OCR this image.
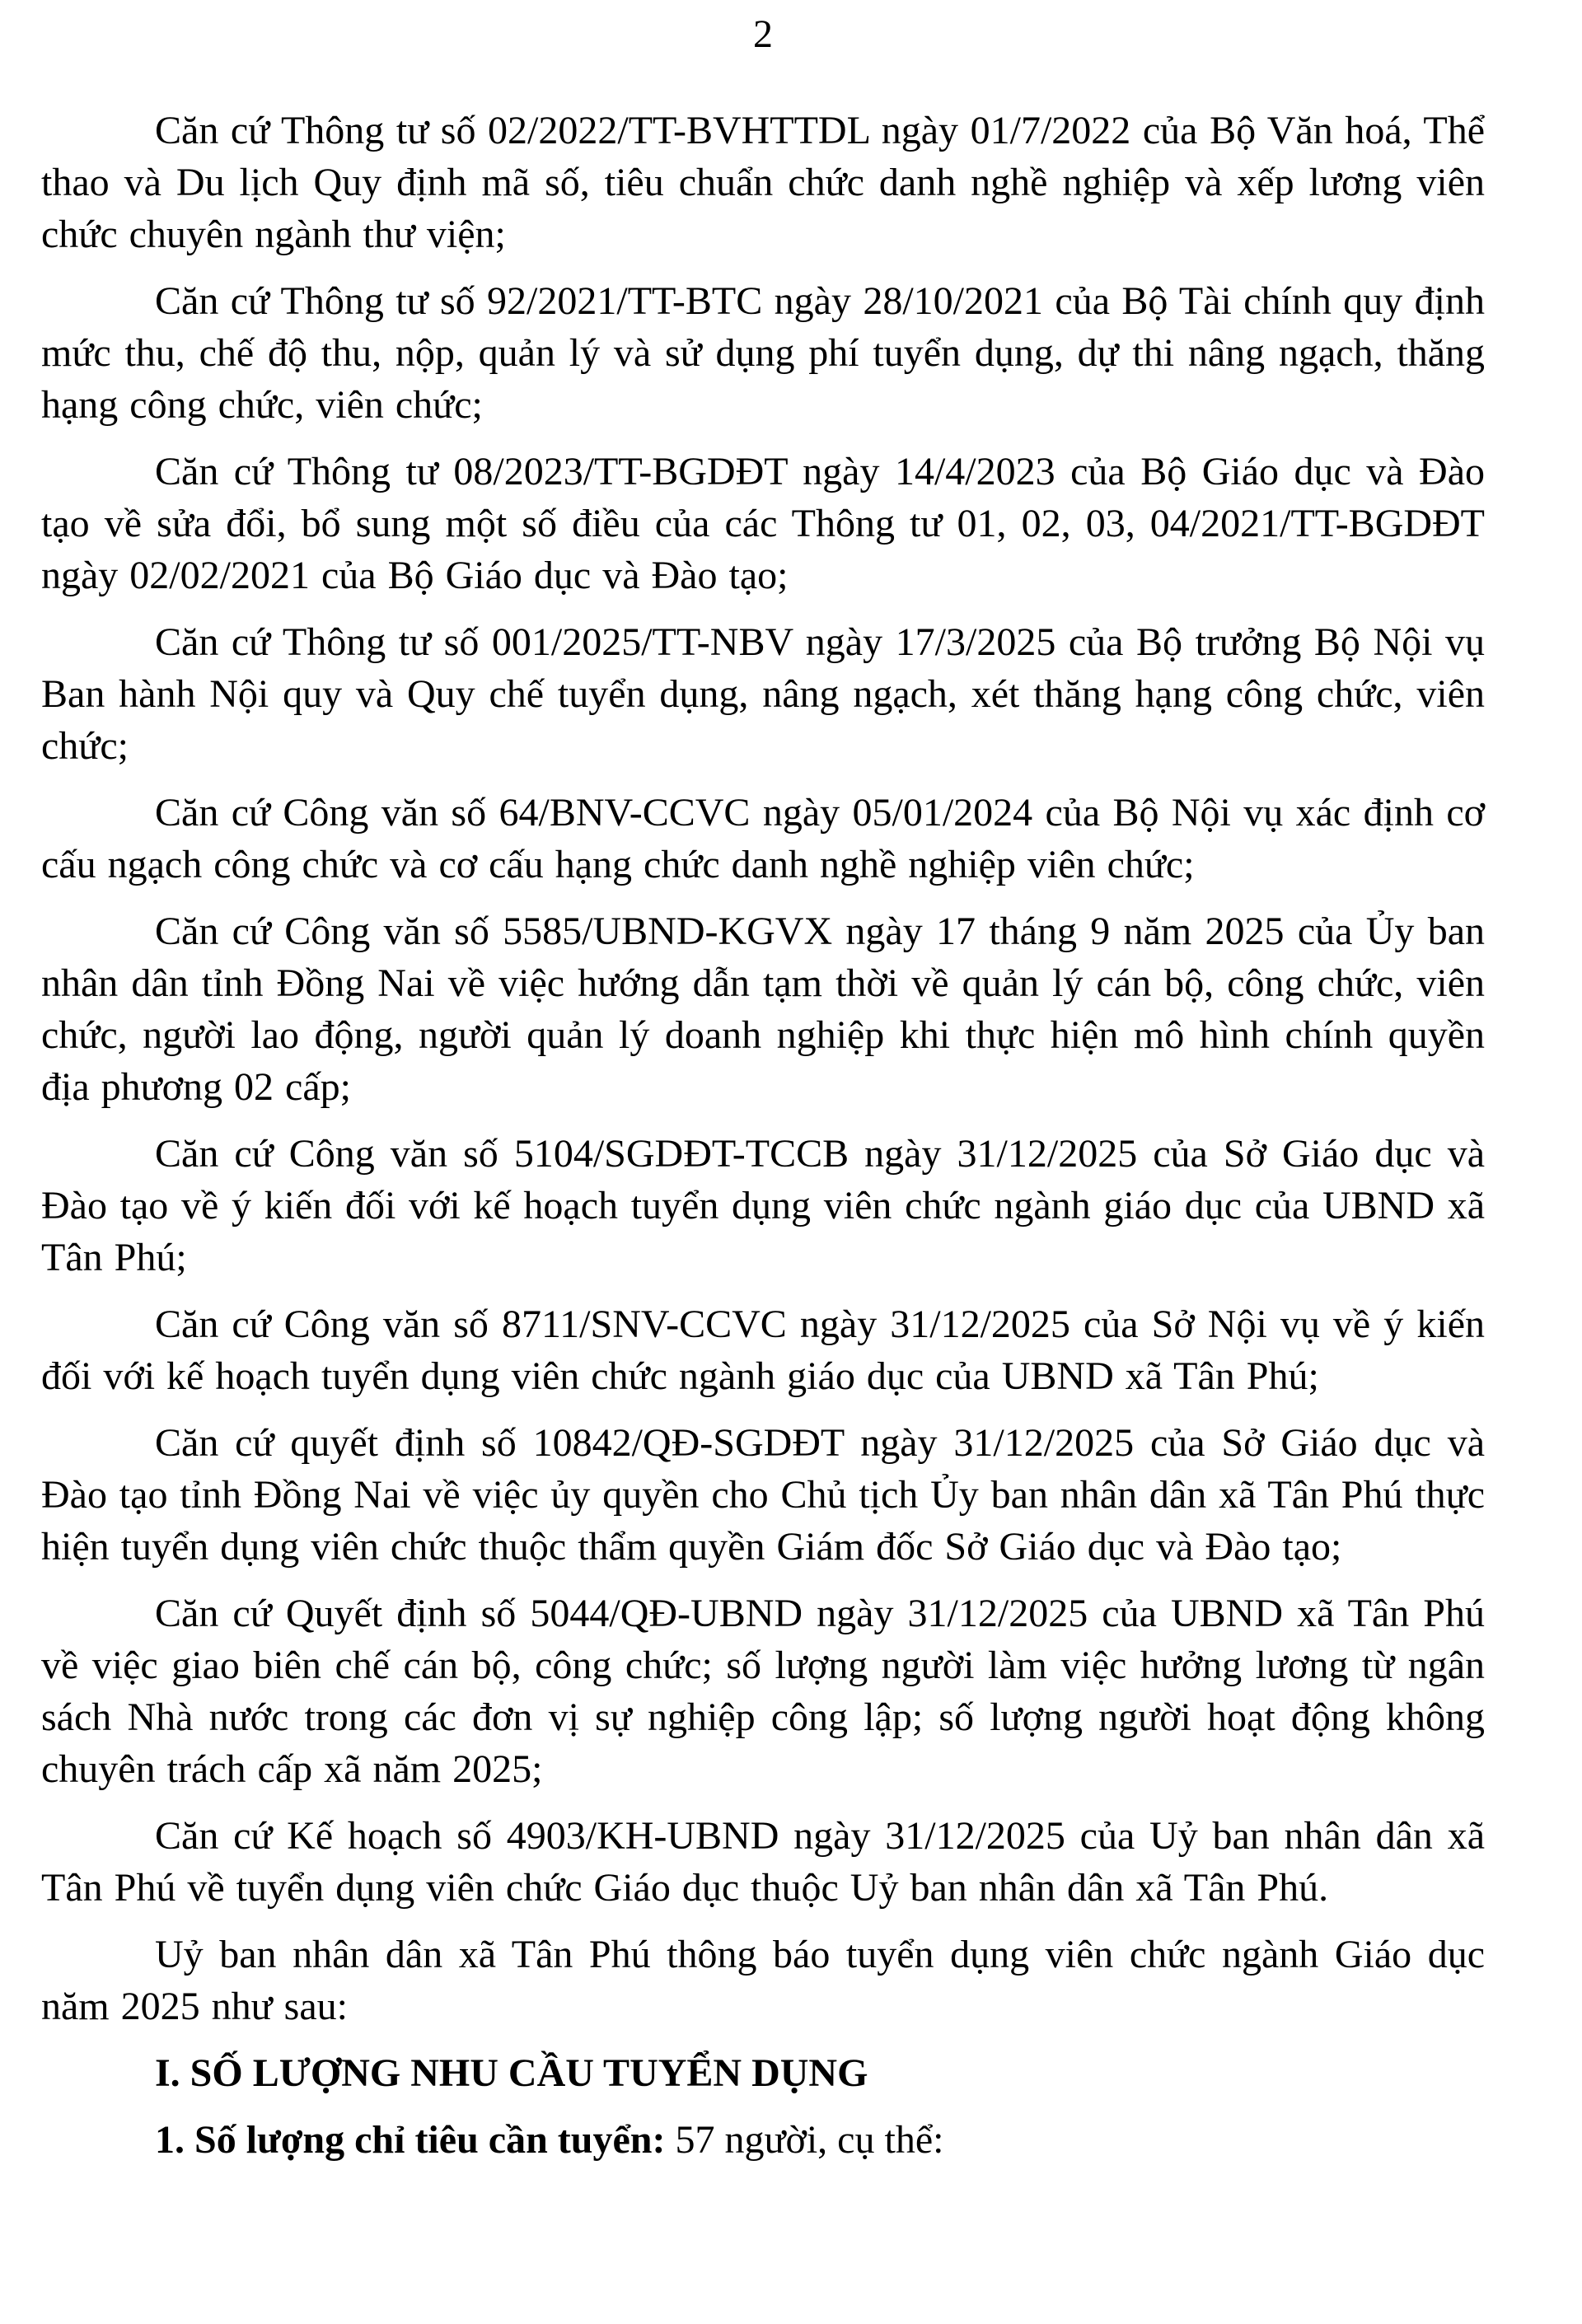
2

Căn cứ Thông tư số 02/2022/TT-BVHTTDL ngày 01/7/2022 của Bộ Văn hoá, Thể thao và Du lịch Quy định mã số, tiêu chuẩn chức danh nghề nghiệp và xếp lương viên chức chuyên ngành thư viện;

Căn cứ Thông tư số 92/2021/TT-BTC ngày 28/10/2021 của Bộ Tài chính quy định mức thu, chế độ thu, nộp, quản lý và sử dụng phí tuyển dụng, dự thi nâng ngạch, thăng hạng công chức, viên chức;

Căn cứ Thông tư 08/2023/TT-BGDĐT ngày 14/4/2023 của Bộ Giáo dục và Đào tạo về sửa đổi, bổ sung một số điều của các Thông tư 01, 02, 03, 04/2021/TT-BGDĐT ngày 02/02/2021 của Bộ Giáo dục và Đào tạo;

Căn cứ Thông tư số 001/2025/TT-NBV ngày 17/3/2025 của Bộ trưởng Bộ Nội vụ Ban hành Nội quy và Quy chế tuyển dụng, nâng ngạch, xét thăng hạng công chức, viên chức;

Căn cứ Công văn số 64/BNV-CCVC ngày 05/01/2024 của Bộ Nội vụ xác định cơ cấu ngạch công chức và cơ cấu hạng chức danh nghề nghiệp viên chức;

Căn cứ Công văn số 5585/UBND-KGVX ngày 17 tháng 9 năm 2025 của Ủy ban nhân dân tỉnh Đồng Nai về việc hướng dẫn tạm thời về quản lý cán bộ, công chức, viên chức, người lao động, người quản lý doanh nghiệp khi thực hiện mô hình chính quyền địa phương 02 cấp;

Căn cứ Công văn số 5104/SGDĐT-TCCB ngày 31/12/2025 của Sở Giáo dục và Đào tạo về ý kiến đối với kế hoạch tuyển dụng viên chức ngành giáo dục của UBND xã Tân Phú;

Căn cứ Công văn số 8711/SNV-CCVC ngày 31/12/2025 của Sở Nội vụ về ý kiến đối với kế hoạch tuyển dụng viên chức ngành giáo dục của UBND xã Tân Phú;

Căn cứ quyết định số 10842/QĐ-SGDĐT ngày 31/12/2025 của Sở Giáo dục và Đào tạo tỉnh Đồng Nai về việc ủy quyền cho Chủ tịch Ủy ban nhân dân xã Tân Phú thực hiện tuyển dụng viên chức thuộc thẩm quyền Giám đốc Sở Giáo dục và Đào tạo;

Căn cứ Quyết định số 5044/QĐ-UBND ngày 31/12/2025 của UBND xã Tân Phú về việc giao biên chế cán bộ, công chức; số lượng người làm việc hưởng lương từ ngân sách Nhà nước trong các đơn vị sự nghiệp công lập; số lượng người hoạt động không chuyên trách cấp xã năm 2025;

Căn cứ Kế hoạch số 4903/KH-UBND ngày 31/12/2025 của Uỷ ban nhân dân xã Tân Phú về tuyển dụng viên chức Giáo dục thuộc Uỷ ban nhân dân xã Tân Phú.

Uỷ ban nhân dân xã Tân Phú thông báo tuyển dụng viên chức ngành Giáo dục năm 2025 như sau:

I. SỐ LƯỢNG NHU CẦU TUYỂN DỤNG

1. Số lượng chỉ tiêu cần tuyển: 57 người, cụ thể:
